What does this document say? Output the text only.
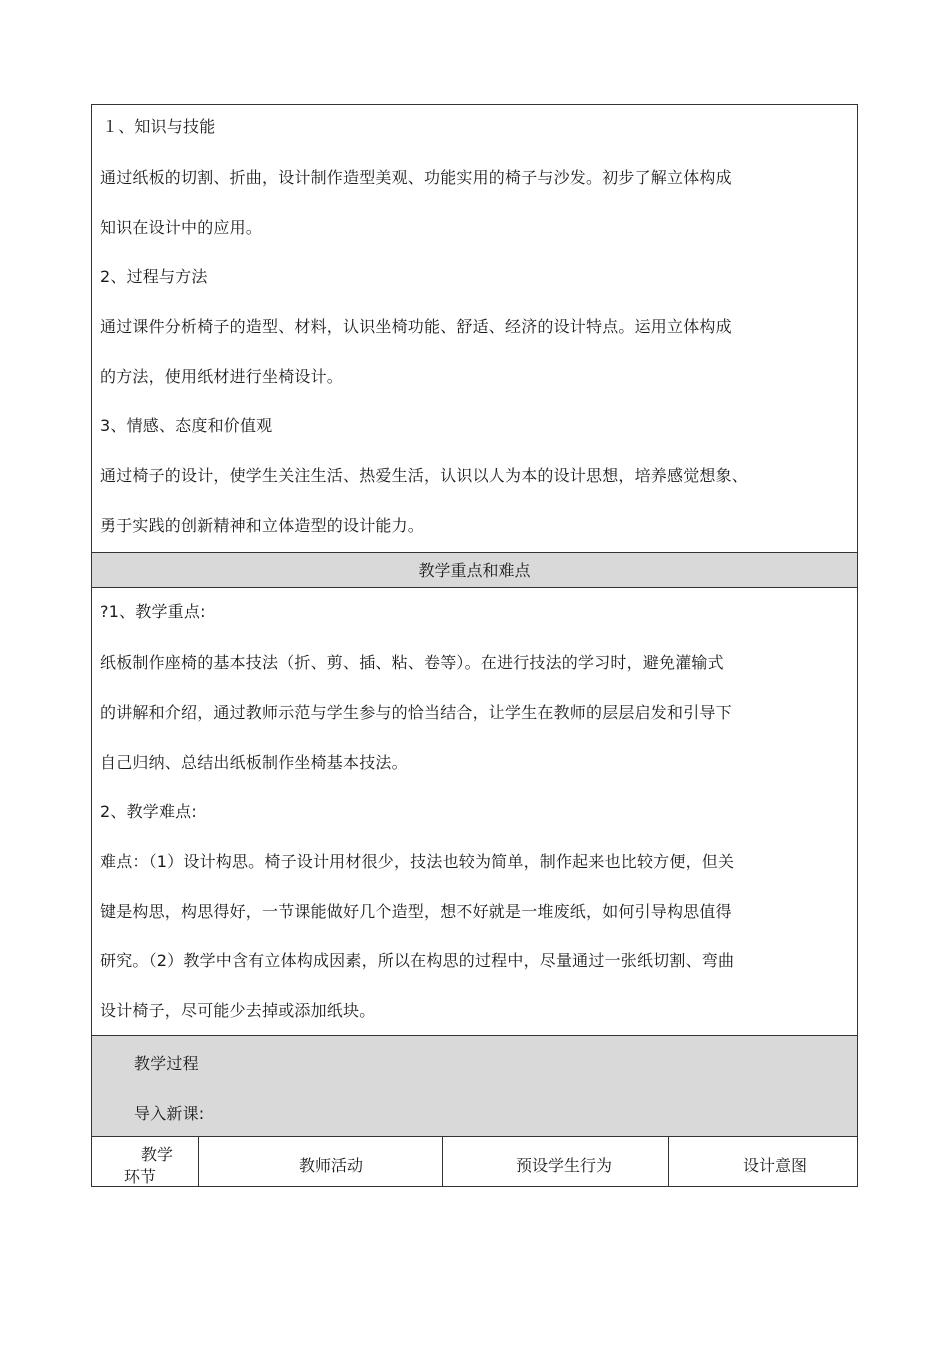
１、知识与技能
通过纸板的切割、折曲，设计制作造型美观、功能实用的椅子与沙发。初步了解立体构成
知识在设计中的应用。
2、过程与方法
通过课件分析椅子的造型、材料，认识坐椅功能、舒适、经济的设计特点。运用立体构成
的方法，使用纸材进行坐椅设计。
3、情感、态度和价值观
通过椅子的设计，使学生关注生活、热爱生活，认识以人为本的设计思想，培养感觉想象、
勇于实践的创新精神和立体造型的设计能力。
教学重点和难点
?1、教学重点:
纸板制作座椅的基本技法（折、剪、插、粘、卷等）。在进行技法的学习时，避免灌输式
的讲解和介绍，通过教师示范与学生参与的恰当结合，让学生在教师的层层启发和引导下
自己归纳、总结出纸板制作坐椅基本技法。
2、教学难点:
难点：（1）设计构思。椅子设计用材很少，技法也较为简单，制作起来也比较方便，但关
键是构思，构思得好，一节课能做好几个造型，想不好就是一堆废纸，如何引导构思值得
研究。（2）教学中含有立体构成因素，所以在构思的过程中，尽量通过一张纸切割、弯曲
设计椅子，尽可能少去掉或添加纸块。
教学过程
导入新课:
教学
环节
教师活动	预设学生行为	设计意图
